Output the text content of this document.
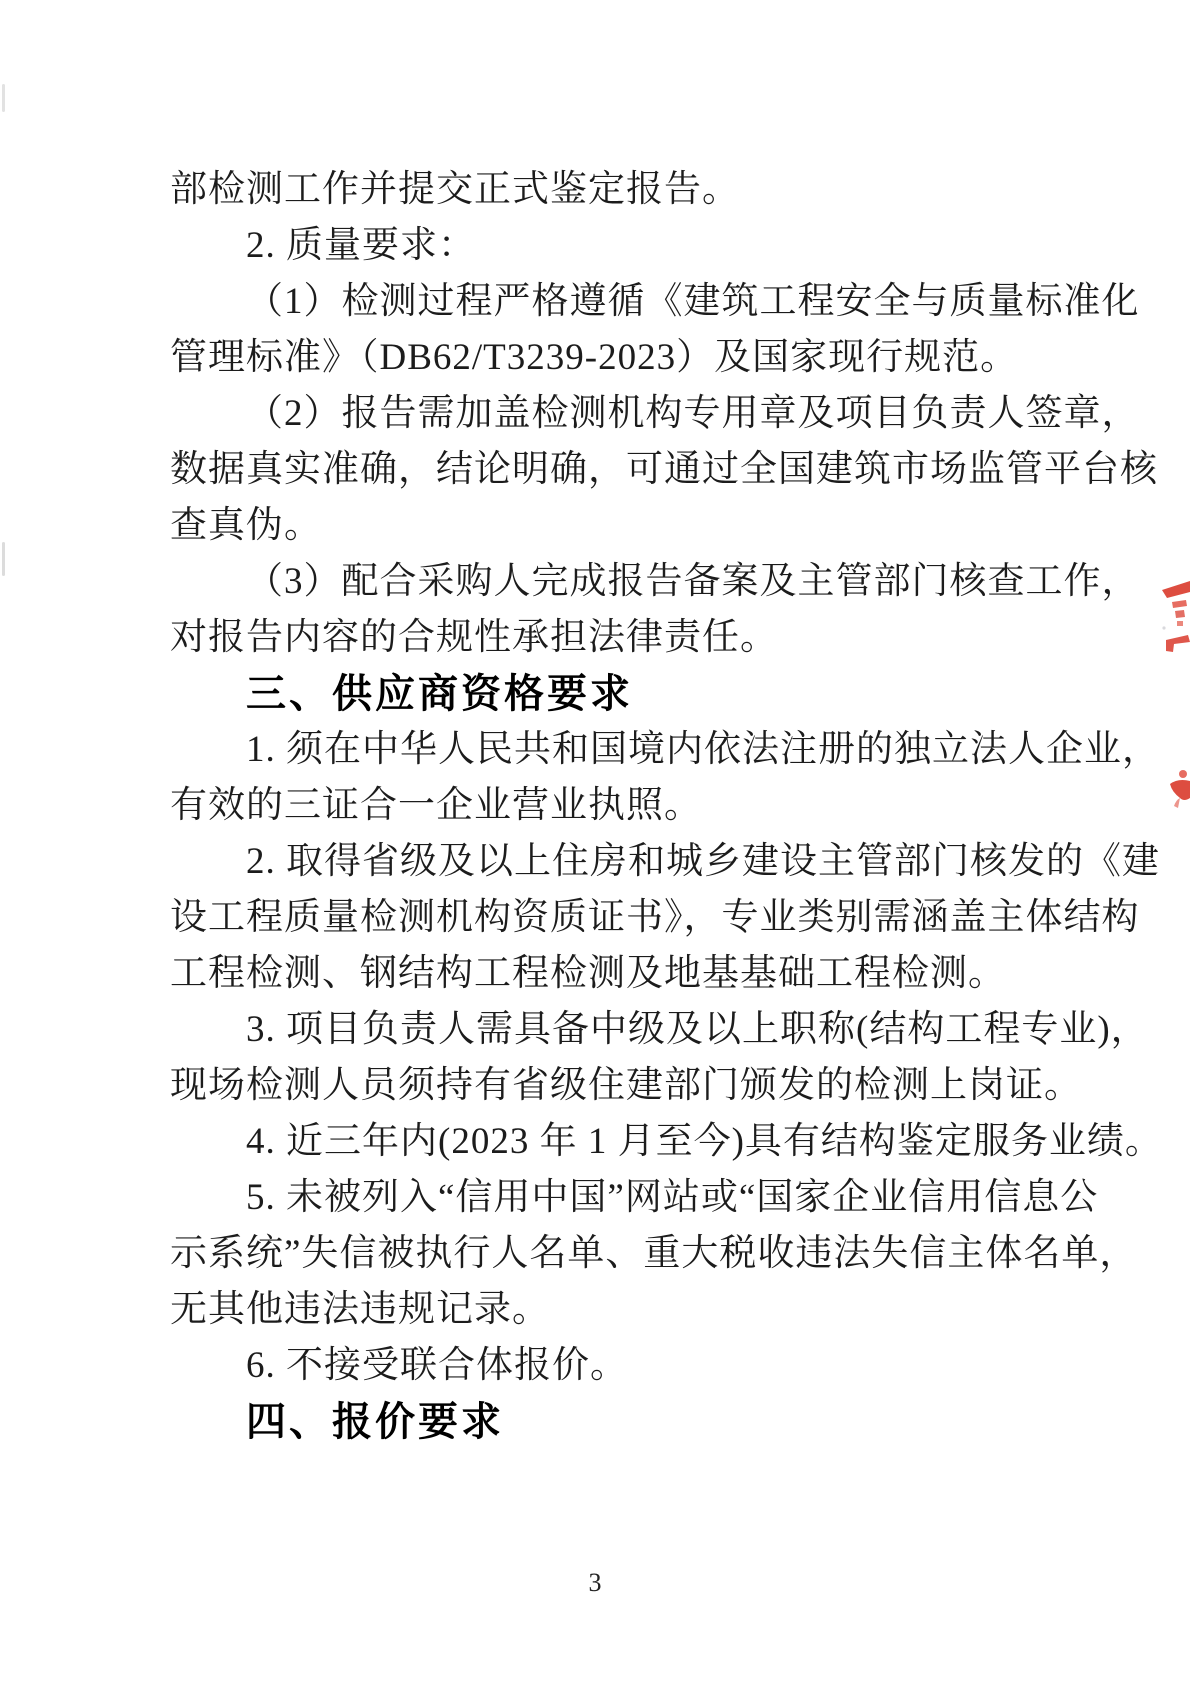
部检测工作并提交正式鉴定报告。
2. 质量要求：
（1）检测过程严格遵循《建筑工程安全与质量标准化
管理标准》（DB62/T3239-2023）及国家现行规范。
（2）报告需加盖检测机构专用章及项目负责人签章，
数据真实准确，结论明确，可通过全国建筑市场监管平台核
查真伪。
（3）配合采购人完成报告备案及主管部门核查工作，
对报告内容的合规性承担法律责任。
三、供应商资格要求
1. 须在中华人民共和国境内依法注册的独立法人企业，
有效的三证合一企业营业执照。
2. 取得省级及以上住房和城乡建设主管部门核发的《建
设工程质量检测机构资质证书》，专业类别需涵盖主体结构
工程检测、钢结构工程检测及地基基础工程检测。
3. 项目负责人需具备中级及以上职称(结构工程专业)，
现场检测人员须持有省级住建部门颁发的检测上岗证。
4. 近三年内(2023 年 1 月至今)具有结构鉴定服务业绩。
5. 未被列入“信用中国”网站或“国家企业信用信息公
示系统”失信被执行人名单、重大税收违法失信主体名单，
无其他违法违规记录。
6. 不接受联合体报价。
四、报价要求
3
